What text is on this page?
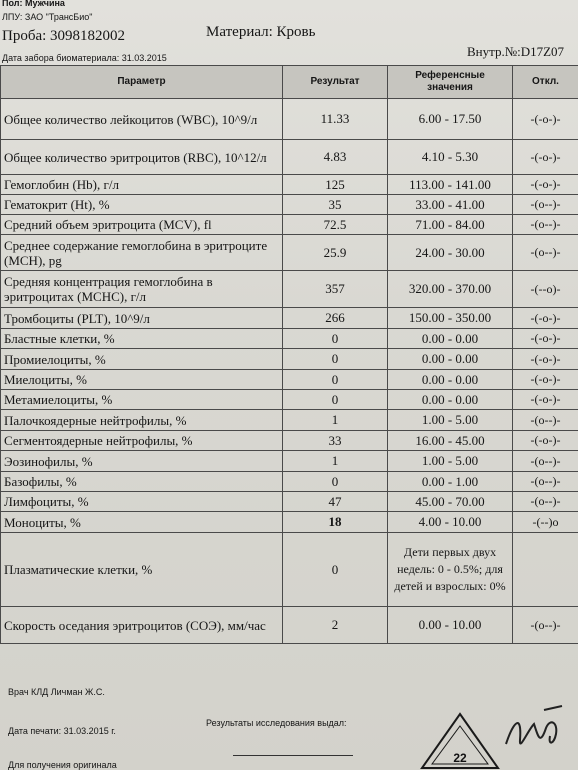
Пол: Мужчина
ЛПУ: ЗАО "ТрансБио"
Проба: 3098182002	Материал: Кровь
Дата забора биоматериала: 31.03.2015	Внутр.№:D17Z07
Параметр	Результат	Референсные значения	Откл.
Общее количество лейкоцитов (WBC), 10^9/л	11.33	6.00 - 17.50	-(-o-)-
Общее количество эритроцитов (RBC), 10^12/л	4.83	4.10 - 5.30	-(-o-)-
Гемоглобин (Hb), г/л	125	113.00 - 141.00	-(-o-)-
Гематокрит (Ht), %	35	33.00 - 41.00	-(o--)-
Средний объем эритроцита (MCV), fl	72.5	71.00 - 84.00	-(o--)-
Среднее содержание гемоглобина в эритроците (MCH), pg	25.9	24.00 - 30.00	-(o--)-
Средняя концентрация гемоглобина в эритроцитах (MCHC), г/л	357	320.00 - 370.00	-(--o)-
Тромбоциты (PLT), 10^9/л	266	150.00 - 350.00	-(-o-)-
Бластные клетки, %	0	0.00 - 0.00	-(-o-)-
Промиелоциты, %	0	0.00 - 0.00	-(-o-)-
Миелоциты, %	0	0.00 - 0.00	-(-o-)-
Метамиелоциты, %	0	0.00 - 0.00	-(-o-)-
Палочкоядерные нейтрофилы, %	1	1.00 - 5.00	-(o--)-
Сегментоядерные нейтрофилы, %	33	16.00 - 45.00	-(-o-)-
Эозинофилы, %	1	1.00 - 5.00	-(o--)-
Базофилы, %	0	0.00 - 1.00	-(o--)-
Лимфоциты, %	47	45.00 - 70.00	-(o--)-
Моноциты, %	18	4.00 - 10.00	-(--)o
Плазматические клетки, %	0	Дети первых двух недель: 0 - 0.5%; для детей и взрослых: 0%	
Скорость оседания эритроцитов (СОЭ), мм/час	2	0.00 - 10.00	-(o--)-
Врач КЛД Личман Ж.С.
Дата печати: 31.03.2015 г.
Результаты исследования выдал:
Для получения оригинала	22
